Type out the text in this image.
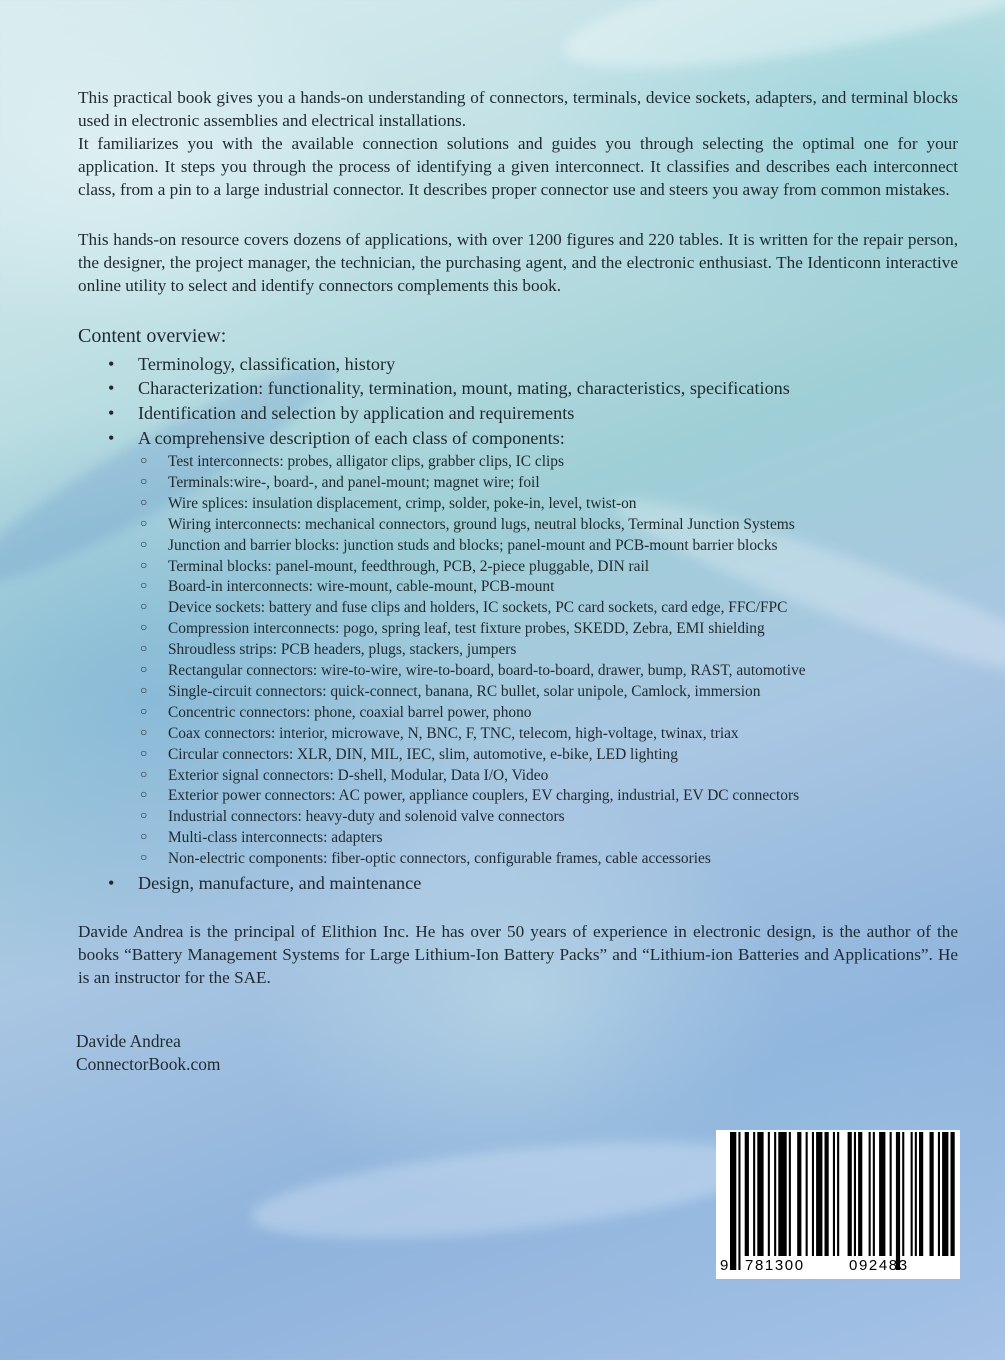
This practical book gives you a hands-on understanding of connectors, terminals, device sockets, adapters, and terminal blocks used in electronic assemblies and electrical installations.

It familiarizes you with the available connection solutions and guides you through selecting the optimal one for your application. It steps you through the process of identifying a given interconnect. It classifies and describes each interconnect class, from a pin to a large industrial connector. It describes proper connector use and steers you away from common mistakes.

This hands-on resource covers dozens of applications, with over 1200 figures and 220 tables. It is written for the repair person, the designer, the project manager, the technician, the purchasing agent, and the electronic enthusiast. The Identiconn interactive online utility to select and identify connectors complements this book.

Content overview:
• Terminology, classification, history
• Characterization: functionality, termination, mount, mating, characteristics, specifications
• Identification and selection by application and requirements
• A comprehensive description of each class of components:
○ Test interconnects: probes, alligator clips, grabber clips, IC clips
○ Terminals:wire-, board-, and panel-mount; magnet wire; foil
○ Wire splices: insulation displacement, crimp, solder, poke-in, level, twist-on
○ Wiring interconnects: mechanical connectors, ground lugs, neutral blocks, Terminal Junction Systems
○ Junction and barrier blocks: junction studs and blocks; panel-mount and PCB-mount barrier blocks
○ Terminal blocks: panel-mount, feedthrough, PCB, 2-piece pluggable, DIN rail
○ Board-in interconnects: wire-mount, cable-mount, PCB-mount
○ Device sockets: battery and fuse clips and holders, IC sockets, PC card sockets, card edge, FFC/FPC
○ Compression interconnects: pogo, spring leaf, test fixture probes, SKEDD, Zebra, EMI shielding
○ Shroudless strips: PCB headers, plugs, stackers, jumpers
○ Rectangular connectors: wire-to-wire, wire-to-board, board-to-board, drawer, bump, RAST, automotive
○ Single-circuit connectors: quick-connect, banana, RC bullet, solar unipole, Camlock, immersion
○ Concentric connectors: phone, coaxial barrel power, phono
○ Coax connectors: interior, microwave, N, BNC, F, TNC, telecom, high-voltage, twinax, triax
○ Circular connectors: XLR, DIN, MIL, IEC, slim, automotive, e-bike, LED lighting
○ Exterior signal connectors: D-shell, Modular, Data I/O, Video
○ Exterior power connectors: AC power, appliance couplers, EV charging, industrial, EV DC connectors
○ Industrial connectors: heavy-duty and solenoid valve connectors
○ Multi-class interconnects: adapters
○ Non-electric components: fiber-optic connectors, configurable frames, cable accessories
• Design, manufacture, and maintenance

Davide Andrea is the principal of Elithion Inc. He has over 50 years of experience in electronic design, is the author of the books “Battery Management Systems for Large Lithium-Ion Battery Packs” and “Lithium-ion Batteries and Applications”. He is an instructor for the SAE.

Davide Andrea
ConnectorBook.com
9 781300	092483
